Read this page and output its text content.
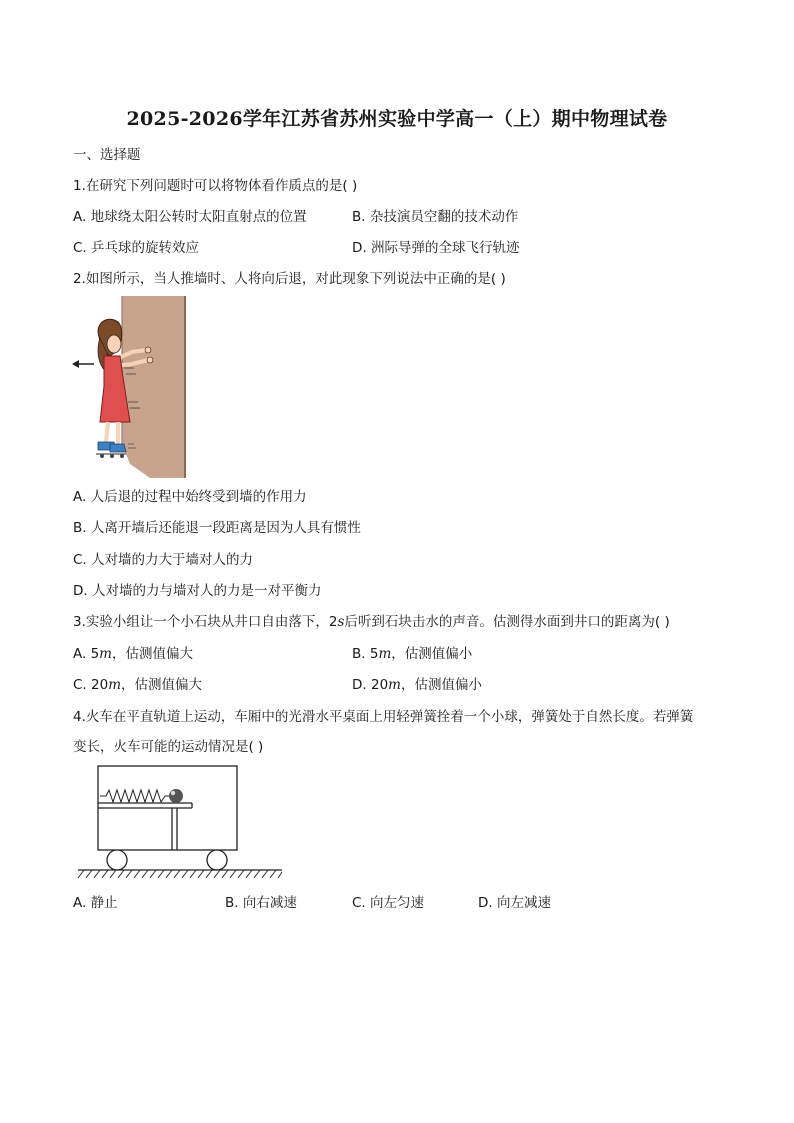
2025-2026学年江苏省苏州实验中学高一（上）期中物理试卷
一、选择题
1.在研究下列问题时可以将物体看作质点的是( )
A. 地球绕太阳公转时太阳直射点的位置	B. 杂技演员空翻的技术动作
C. 乒乓球的旋转效应	D. 洲际导弹的全球飞行轨迹
2.如图所示，当人推墙时、人将向后退，对此现象下列说法中正确的是( )
A. 人后退的过程中始终受到墙的作用力
B. 人离开墙后还能退一段距离是因为人具有惯性
C. 人对墙的力大于墙对人的力
D. 人对墙的力与墙对人的力是一对平衡力
3.实验小组让一个小石块从井口自由落下，2s后听到石块击水的声音。估测得水面到井口的距离为( )
A. 5m，估测值偏大	B. 5m，估测值偏小
C. 20m，估测值偏大	D. 20m，估测值偏小
4.火车在平直轨道上运动，车厢中的光滑水平桌面上用轻弹簧拴着一个小球，弹簧处于自然长度。若弹簧
变长，火车可能的运动情况是( )
A. 静止	B. 向右减速	C. 向左匀速	D. 向左减速
